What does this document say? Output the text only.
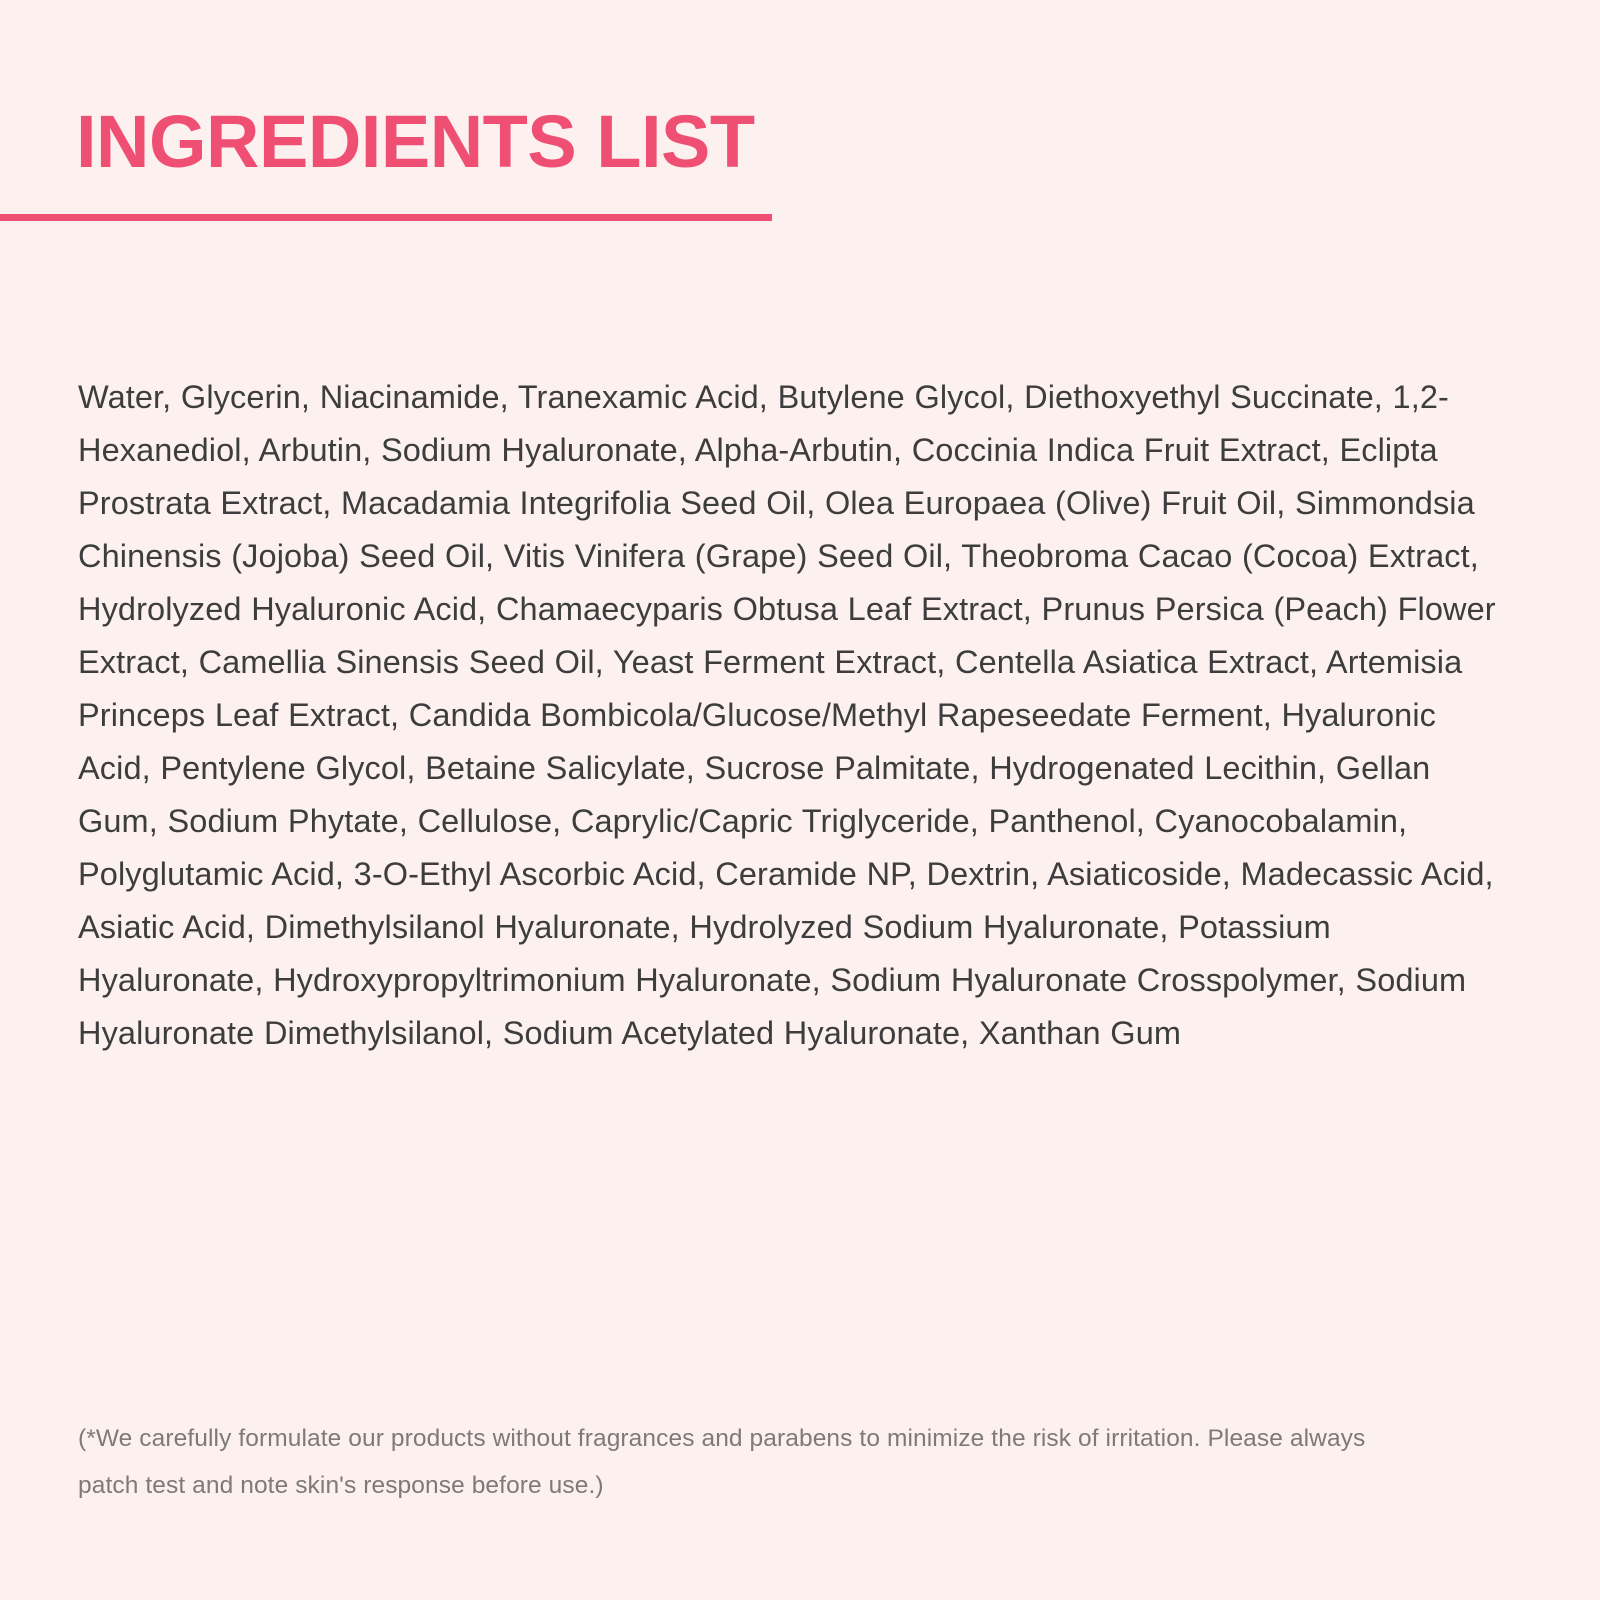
INGREDIENTS LIST

Water, Glycerin, Niacinamide, Tranexamic Acid, Butylene Glycol, Diethoxyethyl Succinate, 1,2-Hexanediol, Arbutin, Sodium Hyaluronate, Alpha-Arbutin, Coccinia Indica Fruit Extract, Eclipta Prostrata Extract, Macadamia Integrifolia Seed Oil, Olea Europaea (Olive) Fruit Oil, Simmondsia Chinensis (Jojoba) Seed Oil, Vitis Vinifera (Grape) Seed Oil, Theobroma Cacao (Cocoa) Extract, Hydrolyzed Hyaluronic Acid, Chamaecyparis Obtusa Leaf Extract, Prunus Persica (Peach) Flower Extract, Camellia Sinensis Seed Oil, Yeast Ferment Extract, Centella Asiatica Extract, Artemisia Princeps Leaf Extract, Candida Bombicola/Glucose/Methyl Rapeseedate Ferment, Hyaluronic Acid, Pentylene Glycol, Betaine Salicylate, Sucrose Palmitate, Hydrogenated Lecithin, Gellan Gum, Sodium Phytate, Cellulose, Caprylic/Capric Triglyceride, Panthenol, Cyanocobalamin, Polyglutamic Acid, 3-O-Ethyl Ascorbic Acid, Ceramide NP, Dextrin, Asiaticoside, Madecassic Acid, Asiatic Acid, Dimethylsilanol Hyaluronate, Hydrolyzed Sodium Hyaluronate, Potassium Hyaluronate, Hydroxypropyltrimonium Hyaluronate, Sodium Hyaluronate Crosspolymer, Sodium Hyaluronate Dimethylsilanol, Sodium Acetylated Hyaluronate, Xanthan Gum

(*We carefully formulate our products without fragrances and parabens to minimize the risk of irritation. Please always patch test and note skin's response before use.)
